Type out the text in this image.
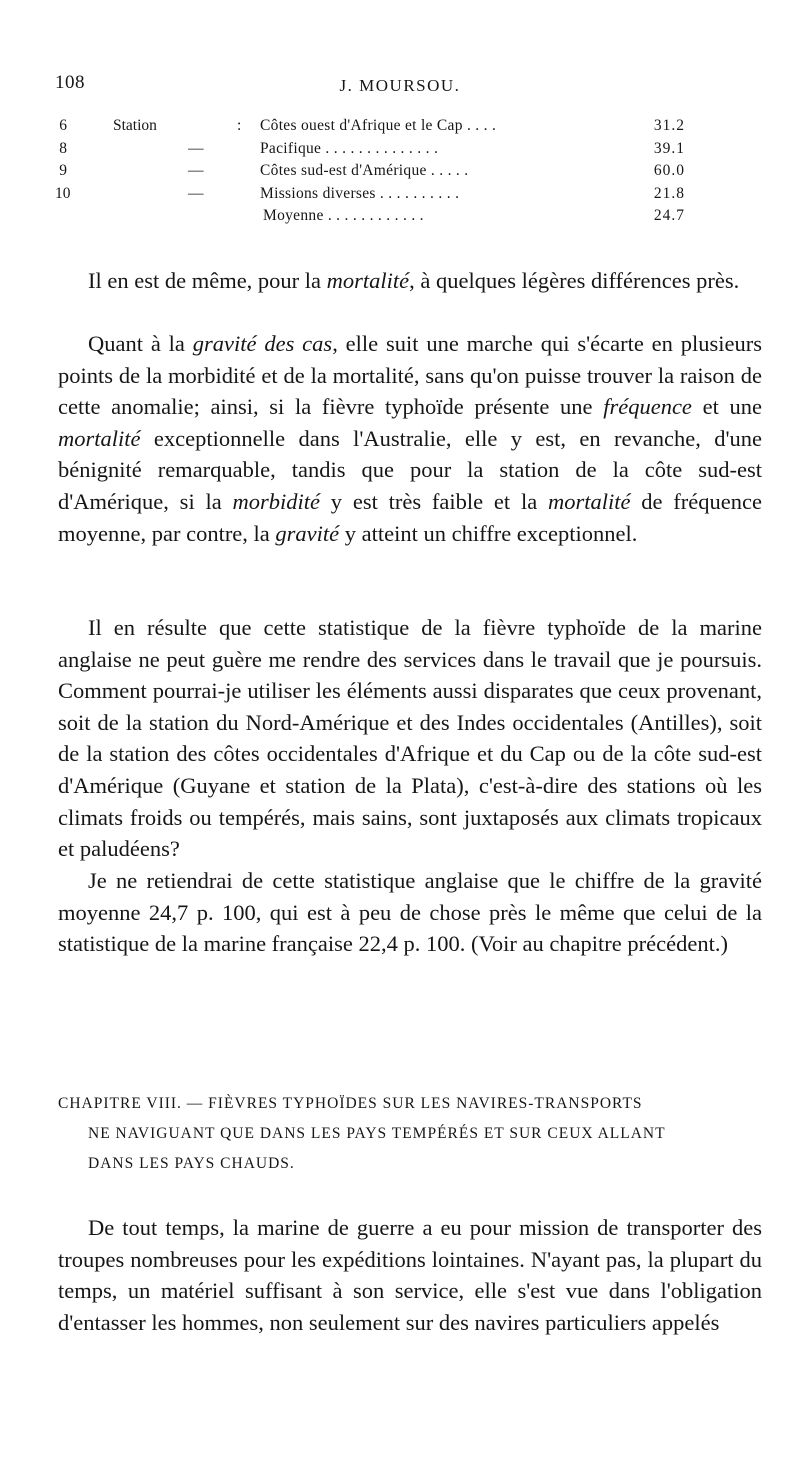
108	J. MOURSOU.
6	Station	: Côtes ouest d'Afrique et le Cap . . . .	31.2
8	—	Pacifique . . . . . . . . . . . . . .	39.1
9	—	Côtes sud-est d'Amérique . . . . .	60.0
10	—	Missions diverses . . . . . . . . . .	21.8
Moyenne . . . . . . . . . . . .	24.7

Il en est de même, pour la mortalité, à quelques légères différences près.

Quant à la gravité des cas, elle suit une marche qui s'écarte en plusieurs points de la morbidité et de la mortalité, sans qu'on puisse trouver la raison de cette anomalie; ainsi, si la fièvre typhoïde présente une fréquence et une mortalité exceptionnelle dans l'Australie, elle y est, en revanche, d'une bénignité remarquable, tandis que pour la station de la côte sud-est d'Amérique, si la morbidité y est très faible et la mortalité de fréquence moyenne, par contre, la gravité y atteint un chiffre exceptionnel.

Il en résulte que cette statistique de la fièvre typhoïde de la marine anglaise ne peut guère me rendre des services dans le travail que je poursuis. Comment pourrai-je utiliser les éléments aussi disparates que ceux provenant, soit de la station du Nord-Amérique et des Indes occidentales (Antilles), soit de la station des côtes occidentales d'Afrique et du Cap ou de la côte sud-est d'Amérique (Guyane et station de la Plata), c'est-à-dire des stations où les climats froids ou tempérés, mais sains, sont juxtaposés aux climats tropicaux et paludéens?

Je ne retiendrai de cette statistique anglaise que le chiffre de la gravité moyenne 24,7 p. 100, qui est à peu de chose près le même que celui de la statistique de la marine française 22,4 p. 100. (Voir au chapitre précédent.)

CHAPITRE VIII. — FIÈVRES TYPHOÏDES SUR LES NAVIRES-TRANSPORTS
NE NAVIGUANT QUE DANS LES PAYS TEMPÉRÉS ET SUR CEUX ALLANT
DANS LES PAYS CHAUDS.

De tout temps, la marine de guerre a eu pour mission de transporter des troupes nombreuses pour les expéditions lointaines. N'ayant pas, la plupart du temps, un matériel suffisant à son service, elle s'est vue dans l'obligation d'entasser les hommes, non seulement sur des navires particuliers appelés
